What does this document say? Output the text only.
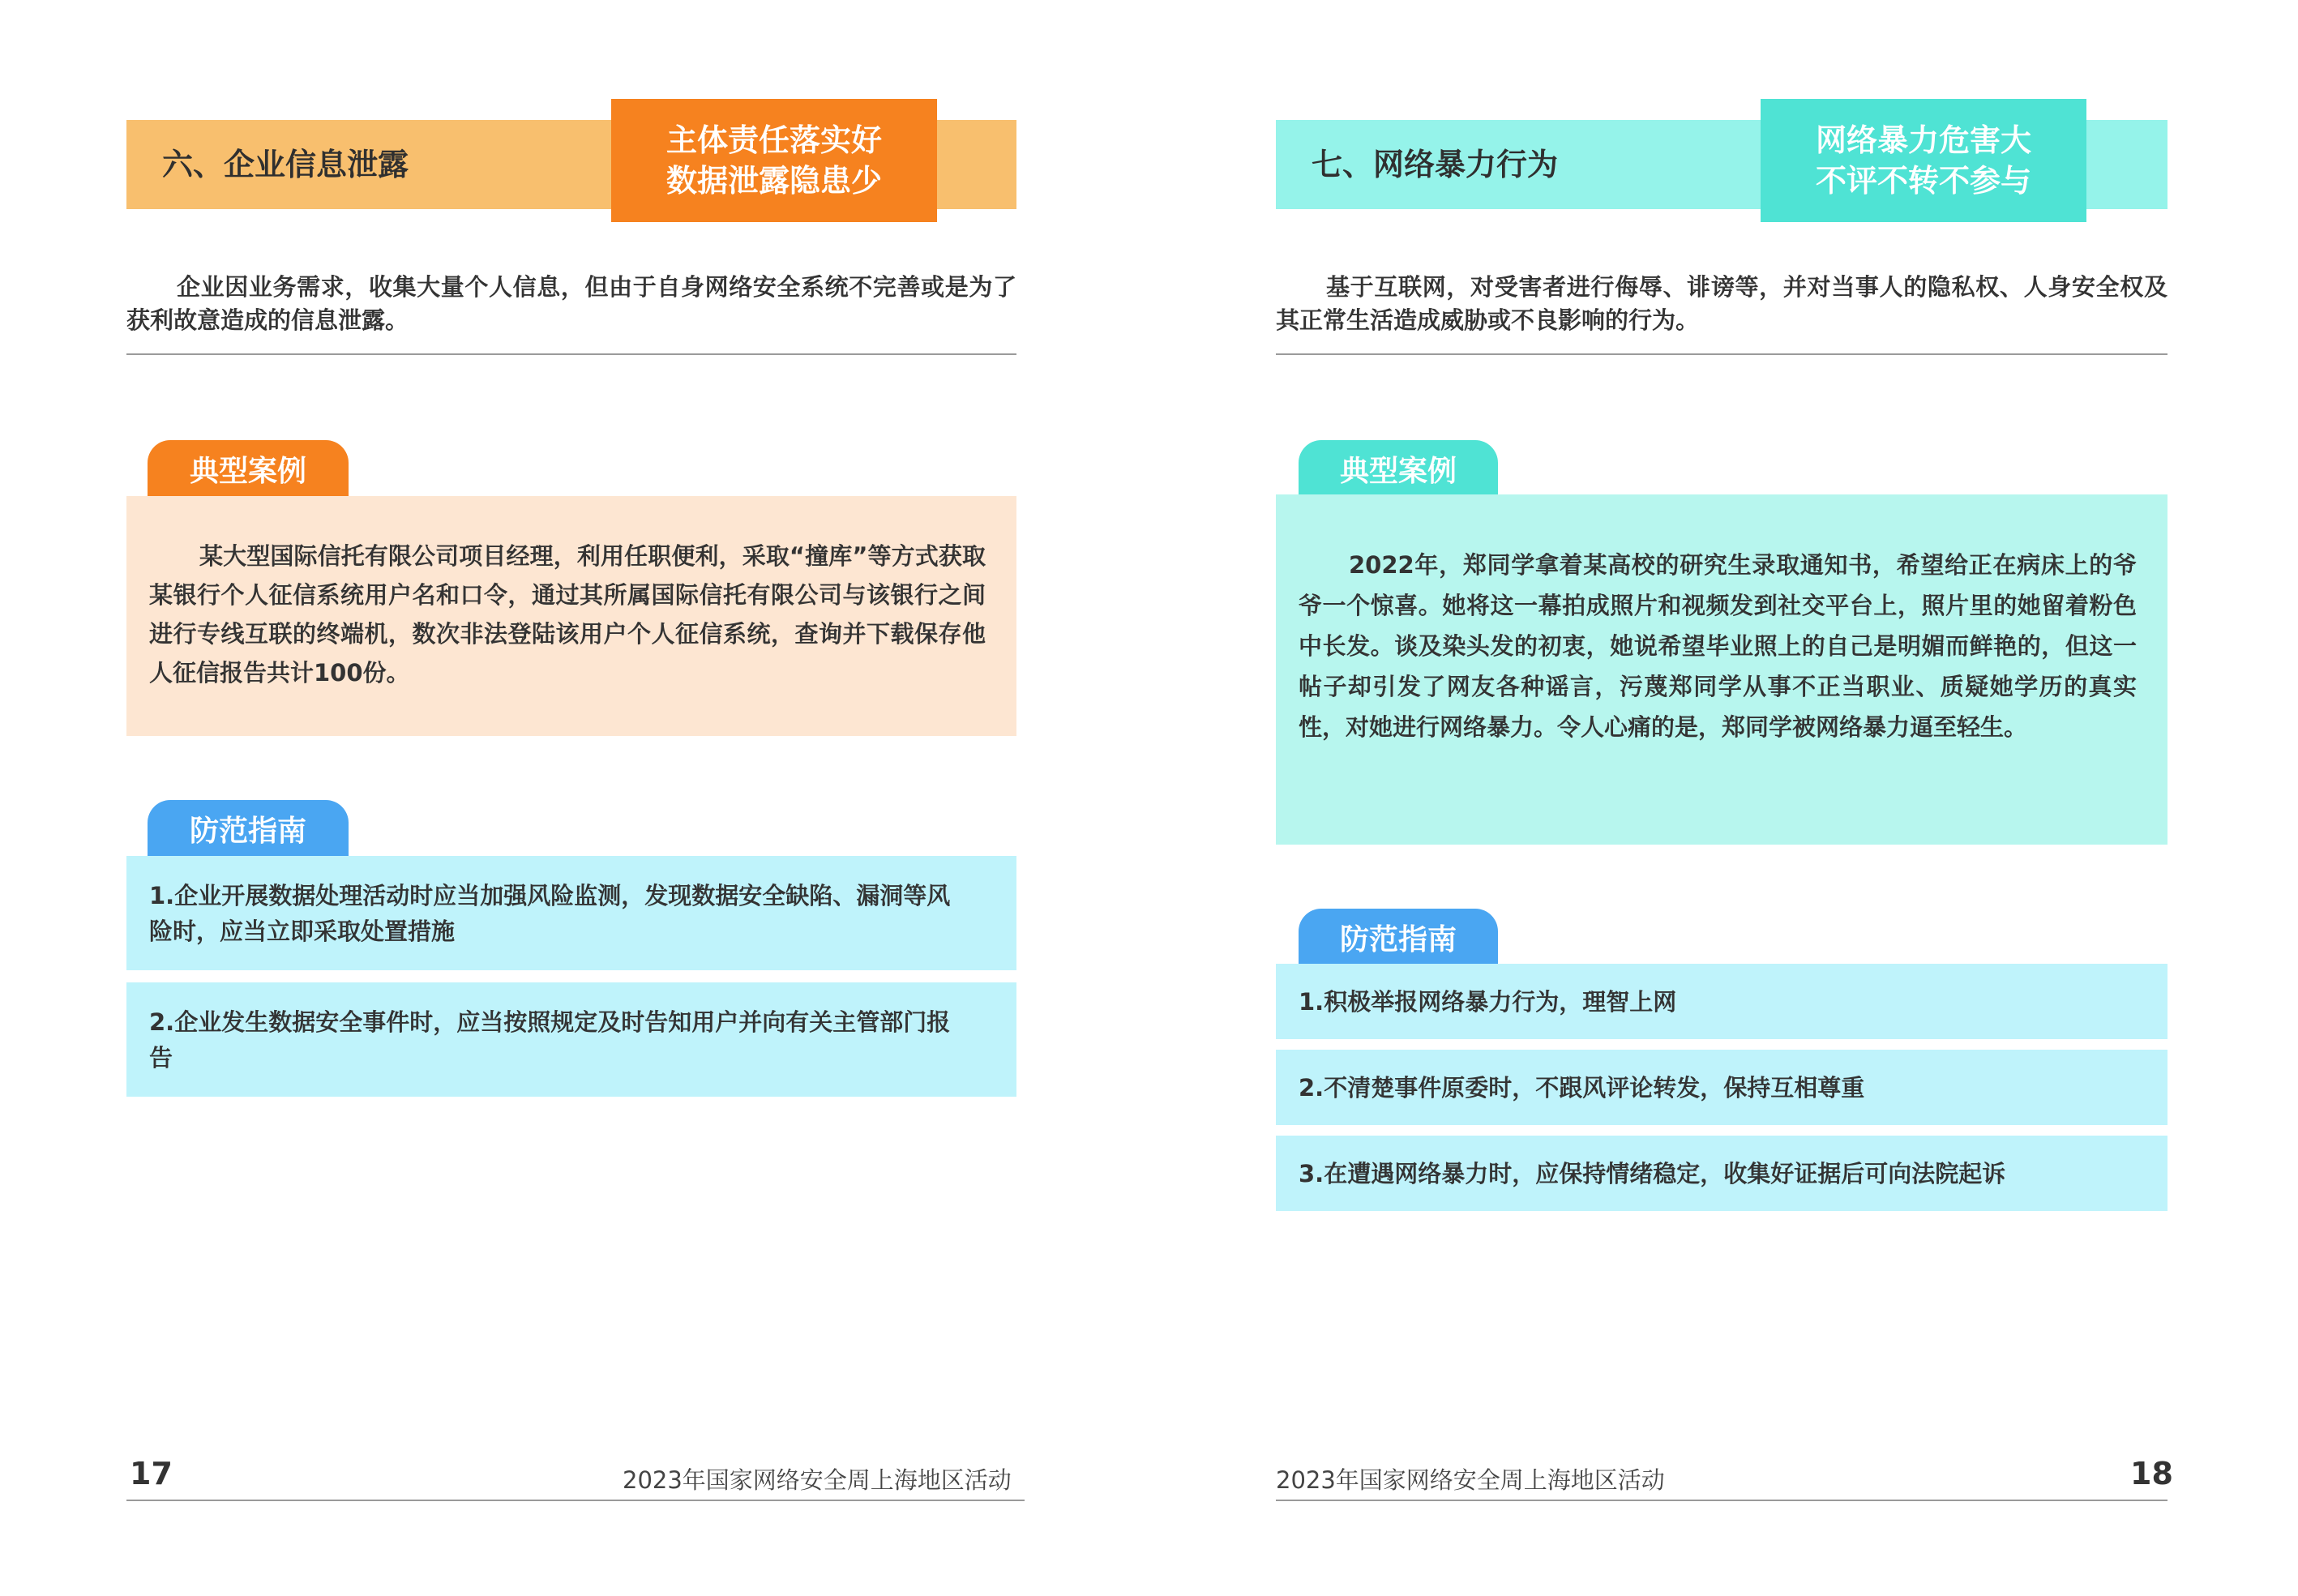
六、企业信息泄露
主体责任落实好
数据泄露隐患少
企业因业务需求，收集大量个人信息，但由于自身网络安全系统不完善或是为了获利故意造成的信息泄露。
典型案例
某大型国际信托有限公司项目经理，利用任职便利，采取“撞库”等方式获取某银行个人征信系统用户名和口令，通过其所属国际信托有限公司与该银行之间进行专线互联的终端机，数次非法登陆该用户个人征信系统，查询并下载保存他人征信报告共计100份。
防范指南
1.企业开展数据处理活动时应当加强风险监测，发现数据安全缺陷、漏洞等风险时，应当立即采取处置措施
2.企业发生数据安全事件时，应当按照规定及时告知用户并向有关主管部门报告
17	2023年国家网络安全周上海地区活动
七、网络暴力行为
网络暴力危害大
不评不转不参与
基于互联网，对受害者进行侮辱、诽谤等，并对当事人的隐私权、人身安全权及其正常生活造成威胁或不良影响的行为。
典型案例
2022年，郑同学拿着某高校的研究生录取通知书，希望给正在病床上的爷爷一个惊喜。她将这一幕拍成照片和视频发到社交平台上，照片里的她留着粉色中长发。谈及染头发的初衷，她说希望毕业照上的自己是明媚而鲜艳的，但这一帖子却引发了网友各种谣言，污蔑郑同学从事不正当职业、质疑她学历的真实性，对她进行网络暴力。令人心痛的是，郑同学被网络暴力逼至轻生。
防范指南
1.积极举报网络暴力行为，理智上网
2.不清楚事件原委时，不跟风评论转发，保持互相尊重
3.在遭遇网络暴力时，应保持情绪稳定，收集好证据后可向法院起诉
2023年国家网络安全周上海地区活动	18
